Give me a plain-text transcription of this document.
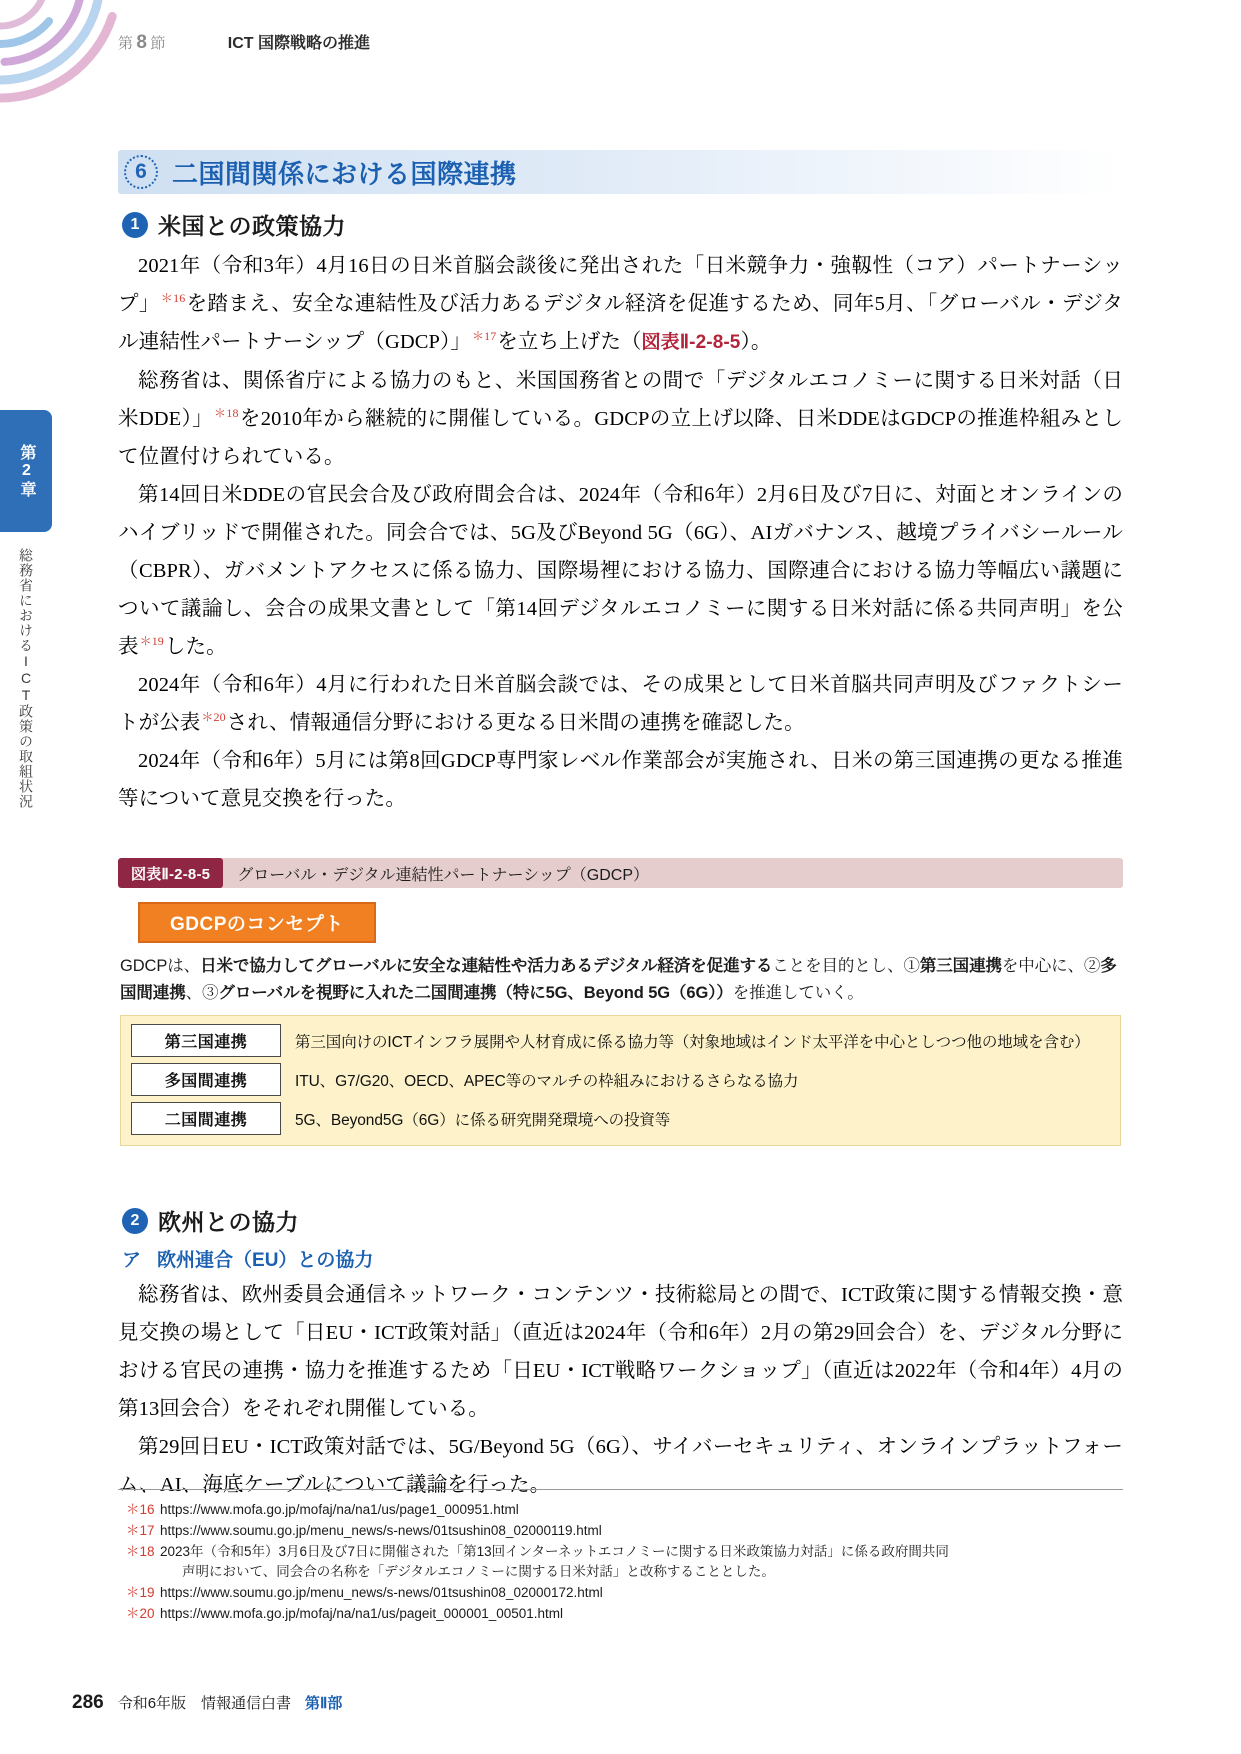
第 8 節	ICT 国際戦略の推進
第2章
総務省におけるICT政策の取組状況
6 二国間関係における国際連携
1 米国との政策協力

2021年（令和3年）4月16日の日米首脳会談後に発出された「日米競争力・強靱性（コア）パートナーシップ」$^{*16}$を踏まえ、安全な連結性及び活力あるデジタル経済を促進するため、同年5月、「グローバル・デジタル連結性パートナーシップ（GDCP）」$^{*17}$を立ち上げた（図表Ⅱ-2-8-5）。

総務省は、関係省庁による協力のもと、米国国務省との間で「デジタルエコノミーに関する日米対話（日米DDE）」$^{*18}$を2010年から継続的に開催している。GDCPの立上げ以降、日米DDEはGDCPの推進枠組みとして位置付けられている。

第14回日米DDEの官民会合及び政府間会合は、2024年（令和6年）2月6日及び7日に、対面とオンラインのハイブリッドで開催された。同会合では、5G及びBeyond 5G（6G）、AIガバナンス、越境プライバシールール（CBPR）、ガバメントアクセスに係る協力、国際場裡における協力、国際連合における協力等幅広い議題について議論し、会合の成果文書として「第14回デジタルエコノミーに関する日米対話に係る共同声明」を公表$^{*19}$した。

2024年（令和6年）4月に行われた日米首脳会談では、その成果として日米首脳共同声明及びファクトシートが公表$^{*20}$され、情報通信分野における更なる日米間の連携を確認した。

2024年（令和6年）5月には第8回GDCP専門家レベル作業部会が実施され、日米の第三国連携の更なる推進等について意見交換を行った。

図表Ⅱ-2-8-5	グローバル・デジタル連結性パートナーシップ（GDCP）
GDCPのコンセプト
GDCPは、日米で協力してグローバルに安全な連結性や活力あるデジタル経済を促進することを目的とし、①第三国連携を中心に、②多国間連携、③グローバルを視野に入れた二国間連携（特に5G、Beyond 5G（6G））を推進していく。
第三国連携	第三国向けのICTインフラ展開や人材育成に係る協力等（対象地域はインド太平洋を中心としつつ他の地域を含む）
多国間連携	ITU、G7/G20、OECD、APEC等のマルチの枠組みにおけるさらなる協力
二国間連携	5G、Beyond5G（6G）に係る研究開発環境への投資等
2 欧州との協力
ア 欧州連合（EU）との協力

総務省は、欧州委員会通信ネットワーク・コンテンツ・技術総局との間で、ICT政策に関する情報交換・意見交換の場として「日EU・ICT政策対話」（直近は2024年（令和6年）2月の第29回会合）を、デジタル分野における官民の連携・協力を推進するため「日EU・ICT戦略ワークショップ」（直近は2022年（令和4年）4月の第13回会合）をそれぞれ開催している。

第29回日EU・ICT政策対話では、5G/Beyond 5G（6G）、サイバーセキュリティ、オンラインプラットフォーム、AI、海底ケーブルについて議論を行った。

＊16 https://www.mofa.go.jp/mofaj/na/na1/us/page1_000951.html
＊17 https://www.soumu.go.jp/menu_news/s-news/01tsushin08_02000119.html
＊18 2023年（令和5年）3月6日及び7日に開催された「第13回インターネットエコノミーに関する日米政策協力対話」に係る政府間共同
声明において、同会合の名称を「デジタルエコノミーに関する日米対話」と改称することとした。
＊19 https://www.soumu.go.jp/menu_news/s-news/01tsushin08_02000172.html
＊20 https://www.mofa.go.jp/mofaj/na/na1/us/pageit_000001_00501.html
286 令和6年版　情報通信白書 第Ⅱ部
